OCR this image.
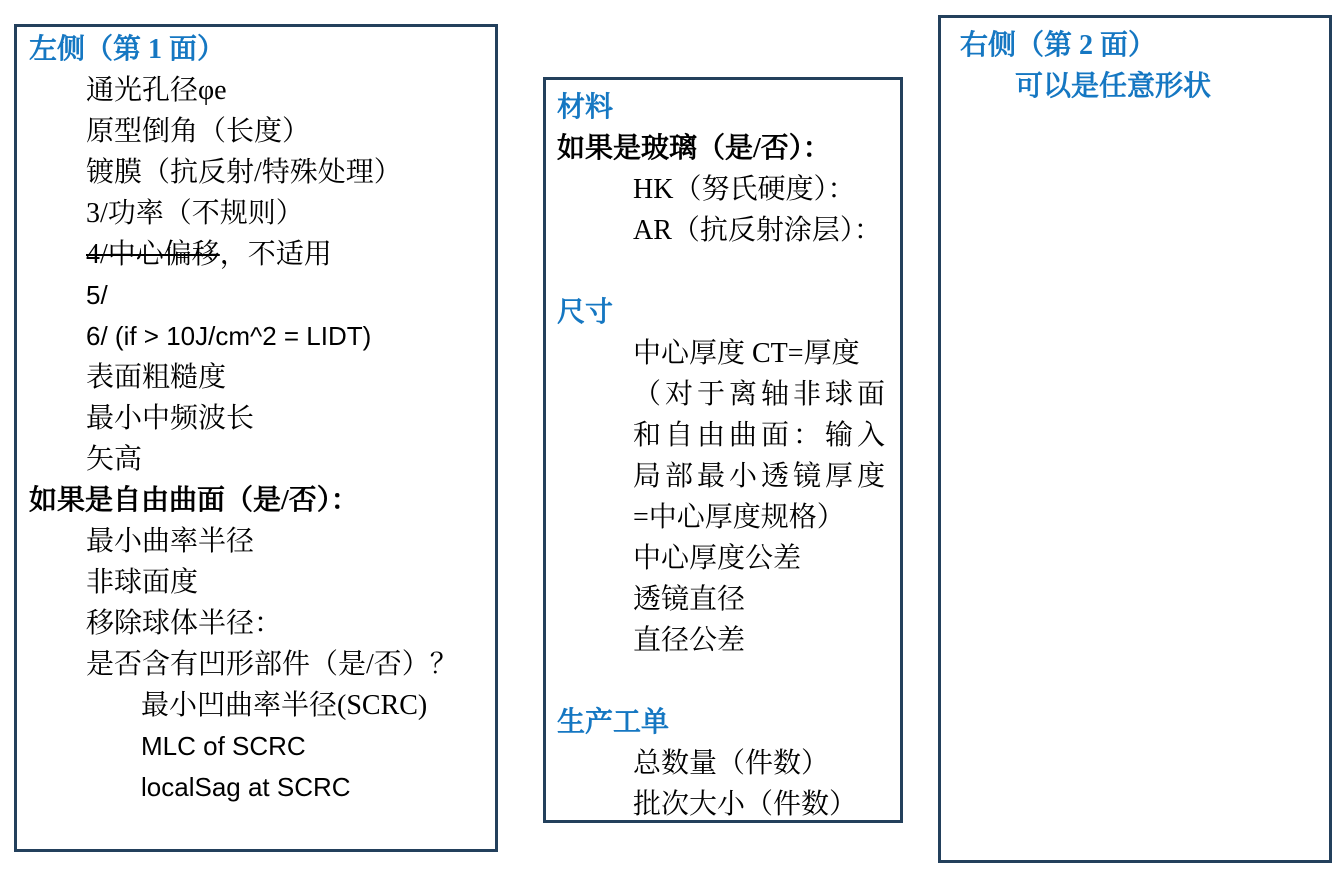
左侧（第 1 面）
通光孔径φe
原型倒角（长度）
镀膜（抗反射/特殊处理）
3/功率（不规则）
4/中心偏移，不适用
5/
6/ (if > 10J/cm^2 = LIDT)
表面粗糙度
最小中频波长
矢高
如果是自由曲面（是/否）：
最小曲率半径
非球面度
移除球体半径：
是否含有凹形部件（是/否）？
最小凹曲率半径(SCRC)
MLC of SCRC
localSag at SCRC
材料
如果是玻璃（是/否）：
HK（努氏硬度）：
AR（抗反射涂层）：
尺寸
中心厚度 CT=厚度
（对于离轴非球面
和自由曲面：输入
局部最小透镜厚度
=中心厚度规格）
中心厚度公差
透镜直径
直径公差
生产工单
总数量（件数）
批次大小（件数）
右侧（第 2 面）
可以是任意形状
